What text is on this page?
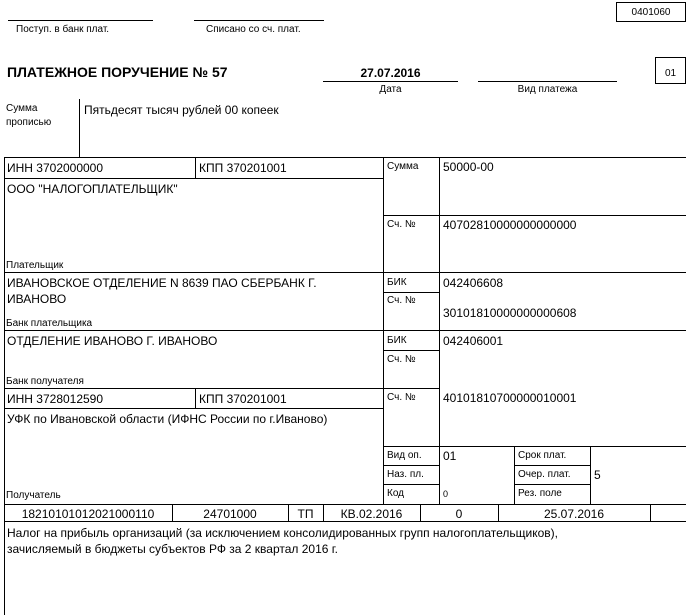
0401060
Поступ. в банк плат.	Списано со сч. плат.
ПЛАТЕЖНОЕ ПОРУЧЕНИЕ № 57	27.07.2016
Дата	Вид платежа
01
Сумма
прописью
Пятьдесят тысяч рублей 00 копеек
ИНН 3702000000	КПП 370201001
ООО "НАЛОГОПЛАТЕЛЬЩИК"
Плательщик
Сумма 50000-00
Сч. № 40702810000000000000
ИВАНОВСКОЕ ОТДЕЛЕНИЕ N 8639 ПАО СБЕРБАНК Г.
ИВАНОВО
Банк плательщика
БИК	042406608
Сч. №
30101810000000000608
ОТДЕЛЕНИЕ ИВАНОВО Г. ИВАНОВО
Банк получателя
БИК	042406001
Сч. №
ИНН 3728012590	КПП 370201001
УФК по Ивановской области (ИФНС России по г.Иваново)
Получатель
Сч. № 40101810700000010001
Вид оп. 01
Наз. пл.
Код	0
Срок плат.
Очер. плат. 5
Рез. поле
18210101012021000110	24701000	ТП	КВ.02.2016	0	25.07.2016
Налог на прибыль организаций (за исключением консолидированных групп налогоплательщиков),
зачисляемый в бюджеты субъектов РФ за 2 квартал 2016 г.
